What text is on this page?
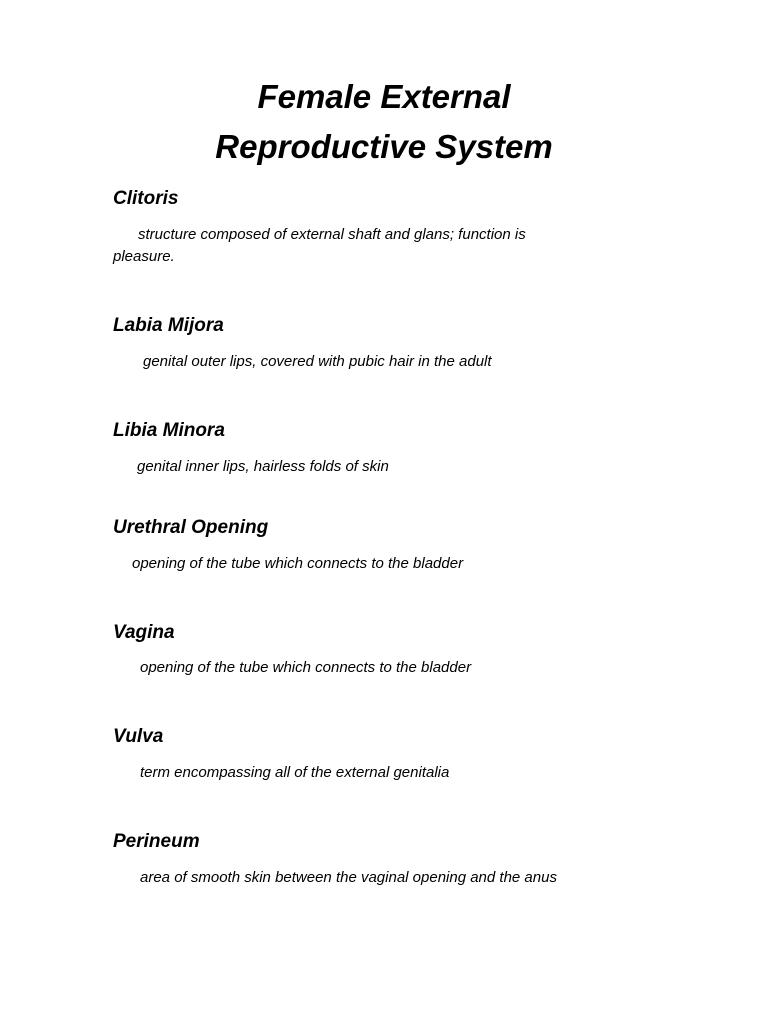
Female External
Reproductive System
Clitoris

structure composed of external shaft and glans; function is

pleasure.

Labia Mijora

genital outer lips, covered with pubic hair in the adult

Libia Minora

genital inner lips, hairless folds of skin

Urethral Opening

opening of the tube which connects to the bladder

Vagina

opening of the tube which connects to the bladder

Vulva

term encompassing all of the external genitalia

Perineum

area of smooth skin between the vaginal opening and the anus
